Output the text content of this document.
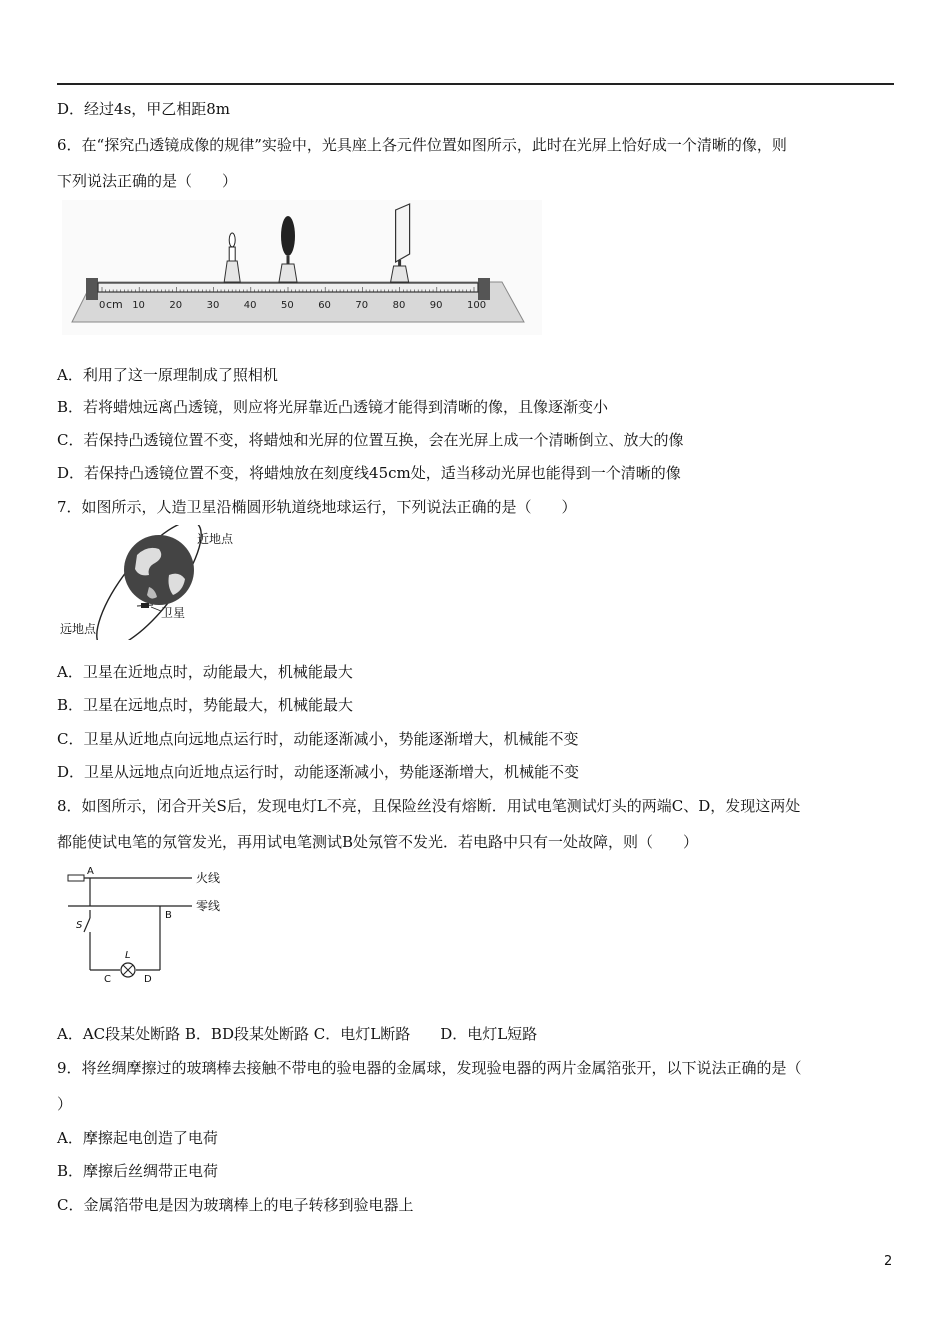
D．经过4s，甲乙相距8m
6．在“探究凸透镜成像的规律”实验中，光具座上各元件位置如图所示，此时在光屏上恰好成一个清晰的像，则
下列说法正确的是（　　）
0	10 20 30 40 50 60 70 80 90 100
cm
A．利用了这一原理制成了照相机
B．若将蜡烛远离凸透镜，则应将光屏靠近凸透镜才能得到清晰的像，且像逐渐变小
C．若保持凸透镜位置不变，将蜡烛和光屏的位置互换，会在光屏上成一个清晰倒立、放大的像
D．若保持凸透镜位置不变，将蜡烛放在刻度线45cm处，适当移动光屏也能得到一个清晰的像
7．如图所示，人造卫星沿椭圆形轨道绕地球运行，下列说法正确的是（　　）
近地点
卫星
远地点
A．卫星在近地点时，动能最大，机械能最大
B．卫星在远地点时，势能最大，机械能最大
C．卫星从近地点向远地点运行时，动能逐渐减小，势能逐渐增大，机械能不变
D．卫星从远地点向近地点运行时，动能逐渐减小，势能逐渐增大，机械能不变
8．如图所示，闭合开关S后，发现电灯L不亮，且保险丝没有熔断．用试电笔测试灯头的两端C、D，发现这两处
都能使试电笔的氖管发光，再用试电笔测试B处氖管不发光．若电路中只有一处故障，则（　　）
A
B
S
L
C	D
火线
零线
A．AC段某处断路 B．BD段某处断路 C．电灯L断路　　D．电灯L短路
9．将丝绸摩擦过的玻璃棒去接触不带电的验电器的金属球，发现验电器的两片金属箔张开，以下说法正确的是（
）
A．摩擦起电创造了电荷
B．摩擦后丝绸带正电荷
C．金属箔带电是因为玻璃棒上的电子转移到验电器上
2
